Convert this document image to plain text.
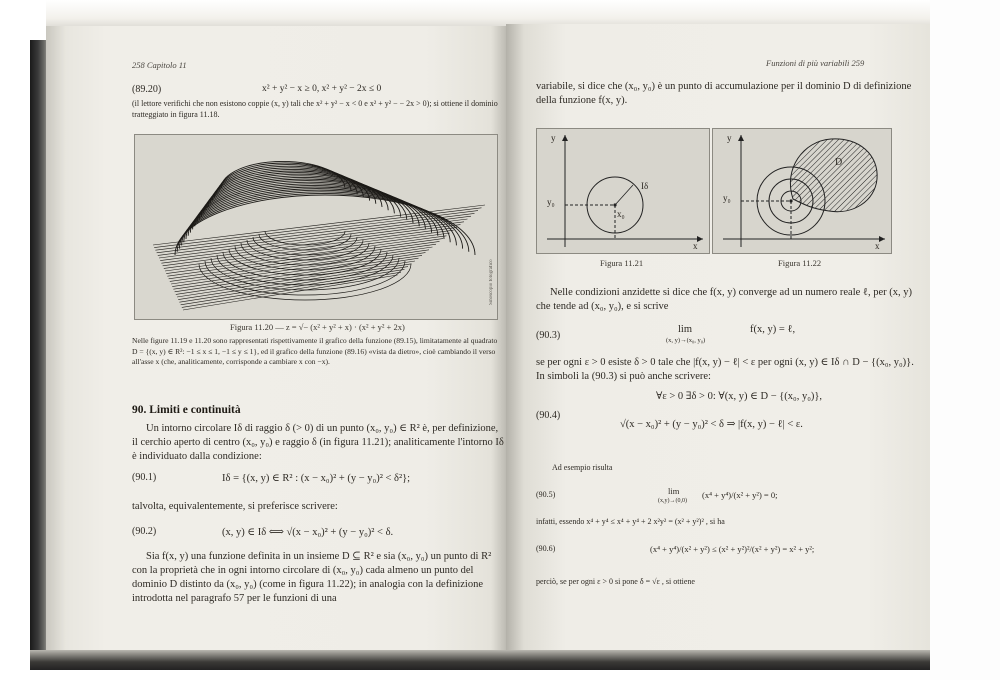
258 Capitolo 11
(89.20)	x² + y² − x ≥ 0, x² + y² − 2x ≤ 0

(il lettore verifichi che non esistono coppie (x, y) tali che x² + y² − x < 0 e x² + y² − − 2x > 0); si ottiene il dominio tratteggiato in figura 11.18.

Sinoscopio fotografico
Figura 11.20 — z = √− (x² + y² + x) · (x² + y² + 2x)

Nelle figure 11.19 e 11.20 sono rappresentati rispettivamente il grafico della funzione (89.15), limitatamente al quadrato D = {(x, y) ∈ R²: −1 ≤ x ≤ 1, −1 ≤ y ≤ 1}, ed il grafico della funzione (89.16) «vista da dietro», cioè cambiando il verso all'asse x (che, analiticamente, corrisponde a cambiare x con −x).

90. Limiti e continuità

Un intorno circolare Iδ di raggio δ (> 0) di un punto (x₀, y₀) ∈ R² è, per definizione, il cerchio aperto di centro (x₀, y₀) e raggio δ (in figura 11.21); analiticamente l'intorno Iδ è individuato dalla condizione:

(90.1)	Iδ = {(x, y) ∈ R² : (x − x₀)² + (y − y₀)² < δ²};

talvolta, equivalentemente, si preferisce scrivere:

(90.2)	(x, y) ∈ Iδ ⟺ √(x − x₀)² + (y − y₀)² < δ.

Sia f(x, y) una funzione definita in un insieme D ⊆ R² e sia (x₀, y₀) un punto di R² con la proprietà che in ogni intorno circolare di (x₀, y₀) cada almeno un punto del dominio D distinto da (x₀, y₀) (come in figura 11.22); in analogia con la definizione introdotta nel paragrafo 57 per le funzioni di una

Funzioni di più variabili 259

variabile, si dice che (x₀, y₀) è un punto di accumulazione per il dominio D di definizione della funzione f(x, y).

y
x
y₀
x₀
Iδ
y
x
y₀
D
Figura 11.21	Figura 11.22

Nelle condizioni anzidette si dice che f(x, y) converge ad un numero reale ℓ, per (x, y) che tende ad (x₀, y₀), e si scrive

(90.3)
lim
(x, y)→(x₀, y₀)
f(x, y) = ℓ,

se per ogni ε > 0 esiste δ > 0 tale che |f(x, y) − ℓ| < ε per ogni (x, y) ∈ Iδ ∩ D − {(x₀, y₀)}. In simboli la (90.3) si può anche scrivere:

(90.4)
∀ε > 0 ∃δ > 0: ∀(x, y) ∈ D − {(x₀, y₀)},
√(x − x₀)² + (y − y₀)² < δ ⇒ |f(x, y) − ℓ| < ε.

Ad esempio risulta

(90.5)	lim
(x,y)→(0,0)
(x⁴ + y⁴)/(x² + y²) = 0;

infatti, essendo x⁴ + y⁴ ≤ x⁴ + y⁴ + 2 x²y² = (x² + y²)² , si ha

(90.6)	(x⁴ + y⁴)/(x² + y²) ≤ (x² + y²)²/(x² + y²) = x² + y²;

perciò, se per ogni ε > 0 si pone δ = √ε , si ottiene
